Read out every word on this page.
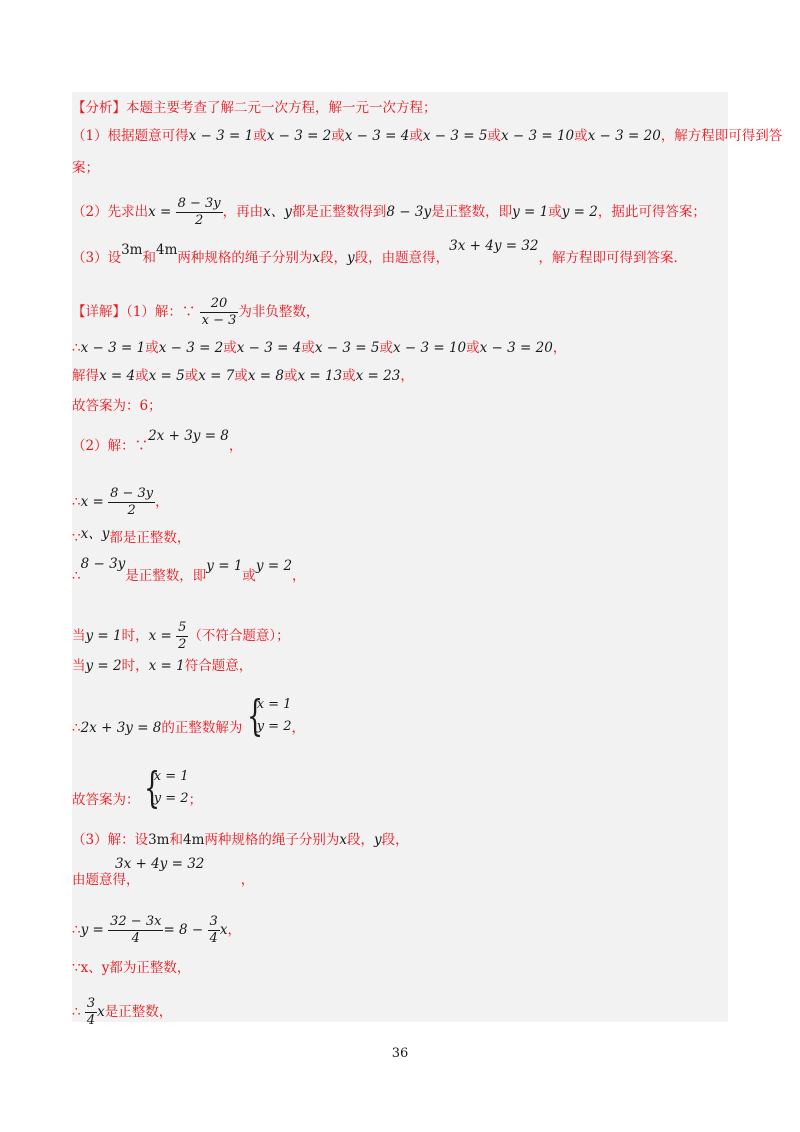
【分析】本题主要考查了解二元一次方程，解一元一次方程；
（1）根据题意可得x − 3 = 1或x − 3 = 2或x − 3 = 4或x − 3 = 5或x − 3 = 10或x − 3 = 20，解方程即可得到答
案；
（2）先求出$x = \frac{8 - 3y}{2}$ ，再由x、y都是正整数得到8 − 3y是正整数，即y = 1或y = 2，据此可得答案；
（3）设3m和4m两种规格的绳子分别为x段，y段，由题意得，3x + 4y = 32，解方程即可得到答案．
【详解】（1）解：∵ $\frac{20}{x - 3}$ 为非负整数，
∴x − 3 = 1或x − 3 = 2或x − 3 = 4或x − 3 = 5或x − 3 = 10或x − 3 = 20，
解得x = 4或x = 5或x = 7或x = 8或x = 13或x = 23，
故答案为：6；
（2）解：∵2x + 3y = 8，
∴x = $\frac{8 - 3y}{2}$ ，
∵x、y都是正整数，
∴8 − 3y是正整数，即y = 1或y = 2，
当y = 1时，$x = \frac{5}{2}$ （不符合题意）；
当y = 2时，x = 1符合题意，
∴2x + 3y = 8的正整数解为 {
x = 1
y = 2 ，
故答案为： {
x = 1
y = 2 ；
（3）解：设3m和4m两种规格的绳子分别为x段，y段，
3x + 4y = 32
由题意得，	，
∴y = $\frac{32 - 3x}{4} = 8 - \frac{3}{4}$ x，
∵x、y都为正整数，
∴ $\frac{3}{4}$ x是正整数，
36
